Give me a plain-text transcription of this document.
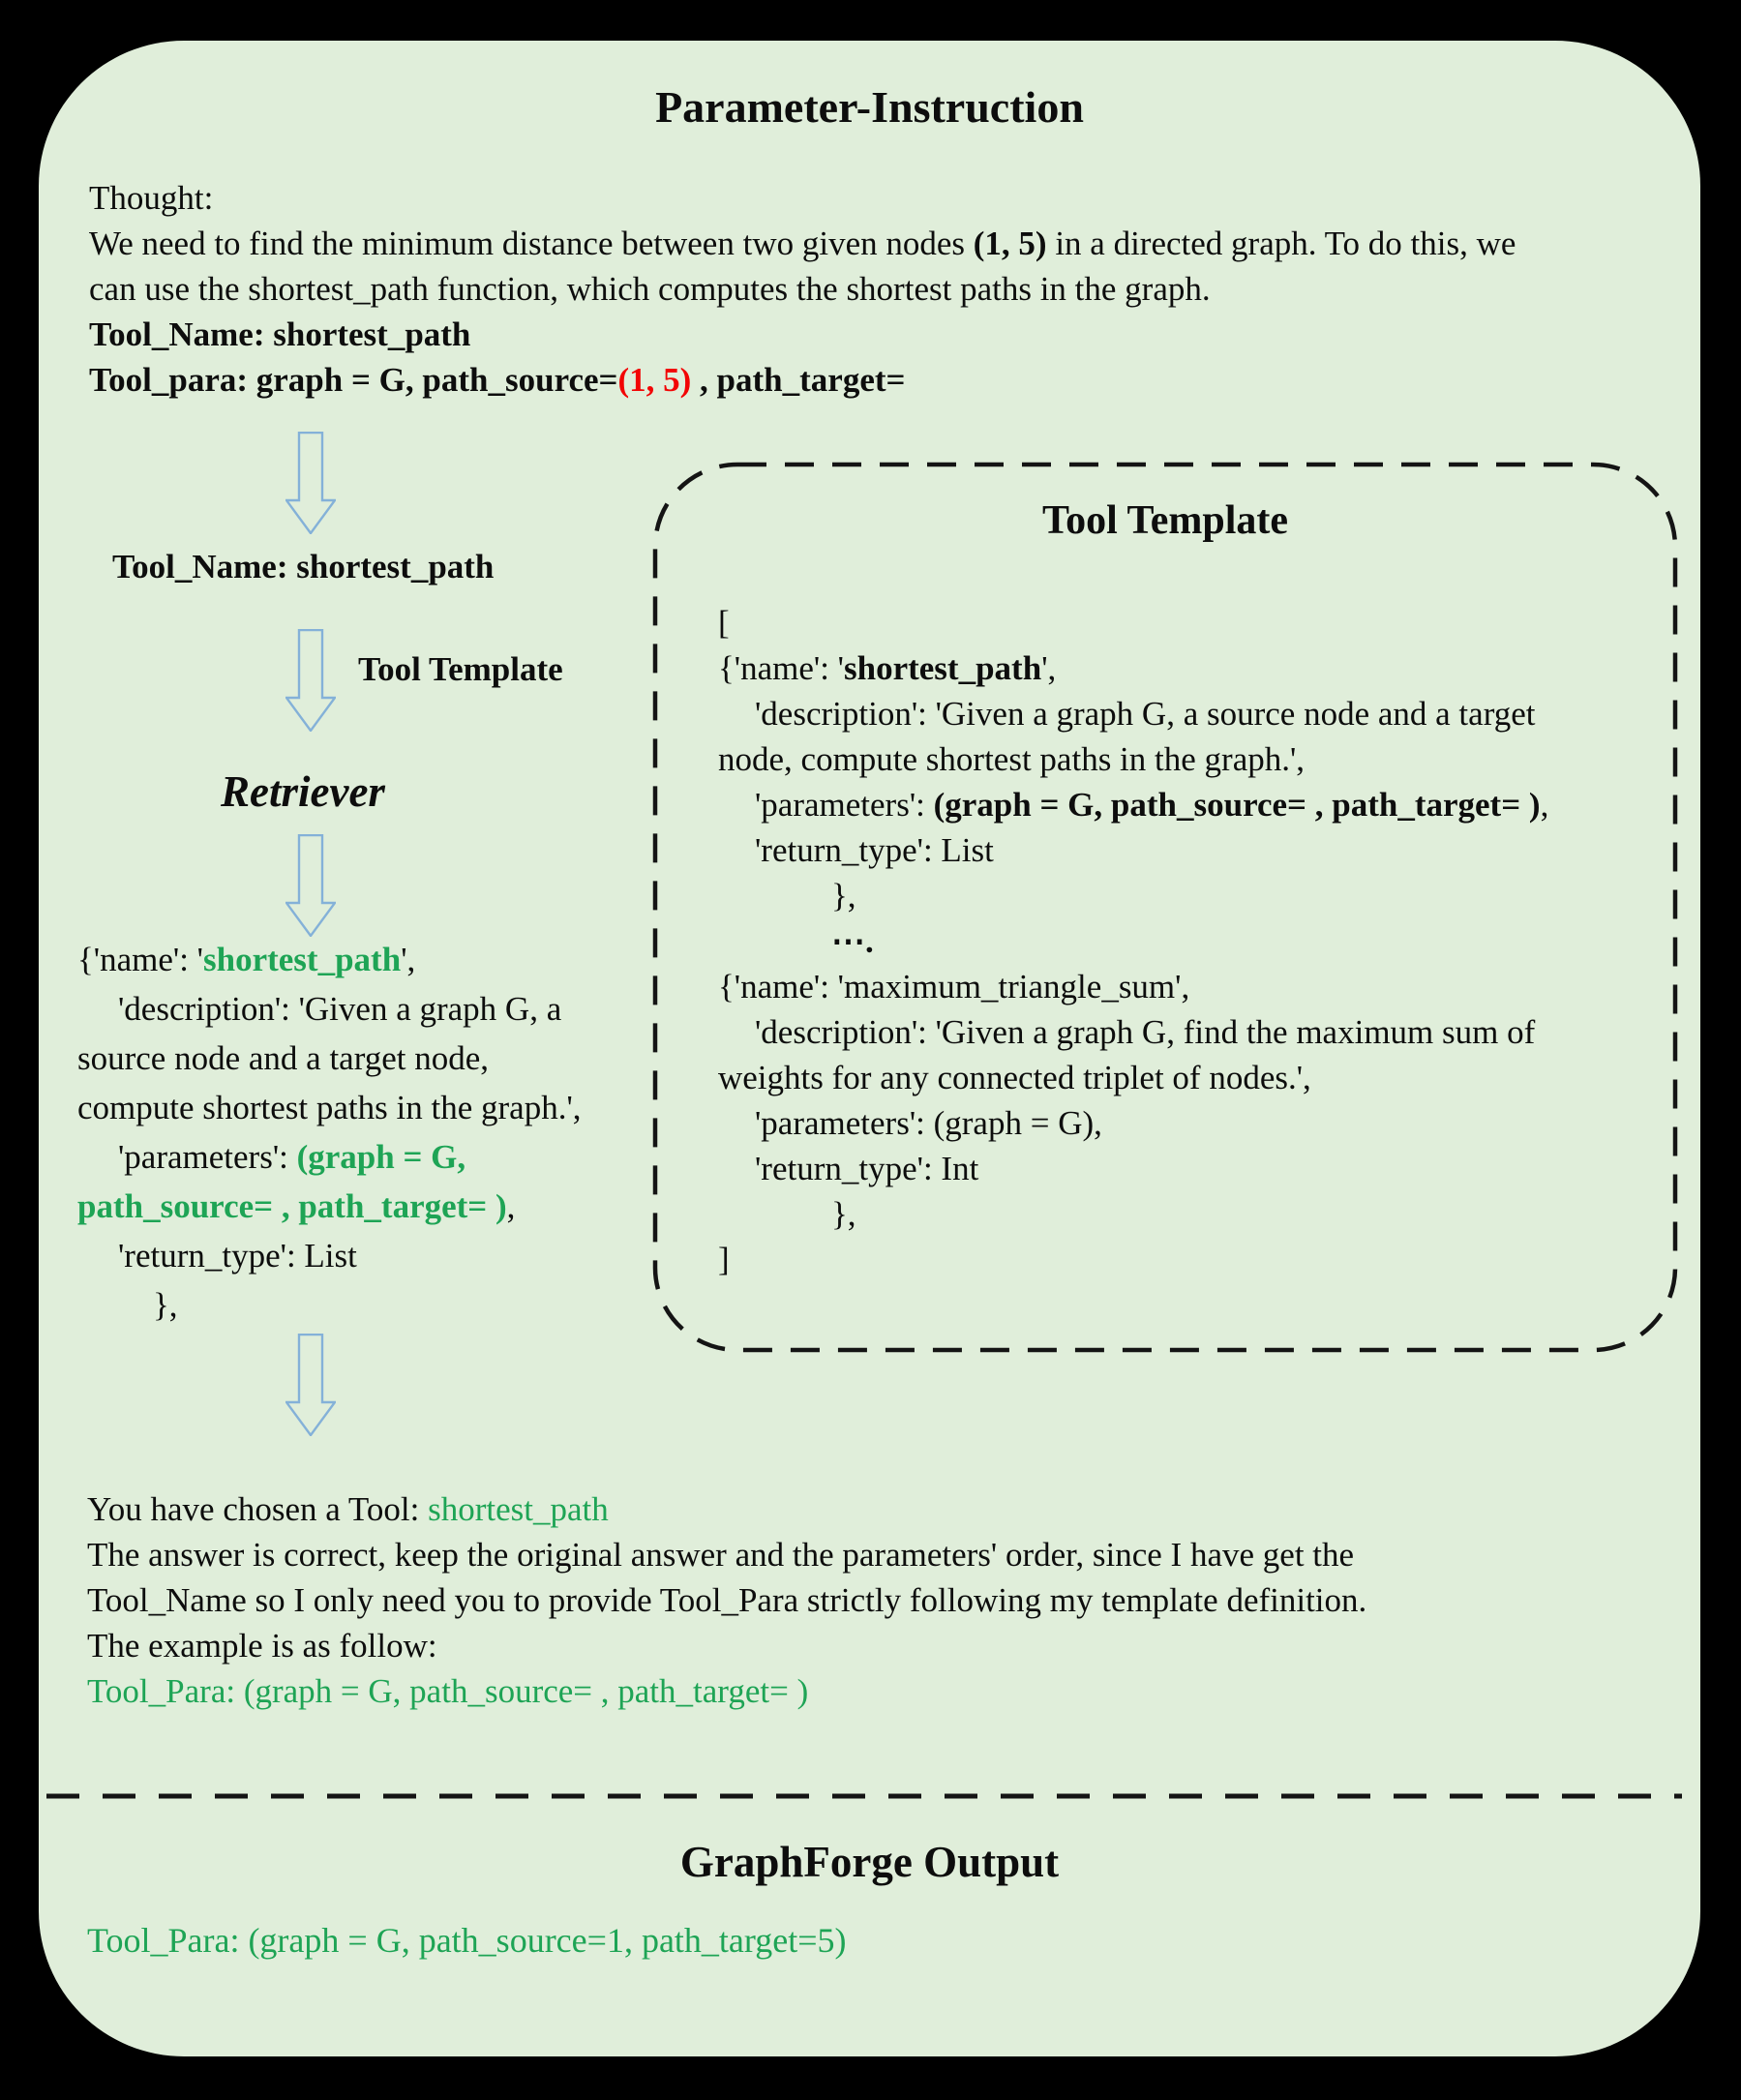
Parameter-Instruction
Thought:
We need to find the minimum distance between two given nodes (1, 5) in a directed graph. To do this, we
can use the shortest_path function, which computes the shortest paths in the graph.
Tool_Name: shortest_path
Tool_para: graph = G, path_source=(1, 5) , path_target=
Tool_Name: shortest_path
Tool Template
Retriever
{'name': 'shortest_path',
'description': 'Given a graph G, a
source node and a target node,
compute shortest paths in the graph.',
'parameters': (graph = G,
path_source= , path_target= ),
'return_type': List
},
Tool Template
[
{'name': 'shortest_path',
'description': 'Given a graph G, a source node and a target
node, compute shortest paths in the graph.',
'parameters': (graph = G, path_source= , path_target= ),
'return_type': List
},
⋯.
{'name': 'maximum_triangle_sum',
'description': 'Given a graph G, find the maximum sum of
weights for any connected triplet of nodes.',
'parameters': (graph = G),
'return_type': Int
},
]
You have chosen a Tool: shortest_path
The answer is correct, keep the original answer and the parameters' order, since I have get the
Tool_Name so I only need you to provide Tool_Para strictly following my template definition.
The example is as follow:
Tool_Para: (graph = G, path_source= , path_target= )
GraphForge Output
Tool_Para: (graph = G, path_source=1, path_target=5)
